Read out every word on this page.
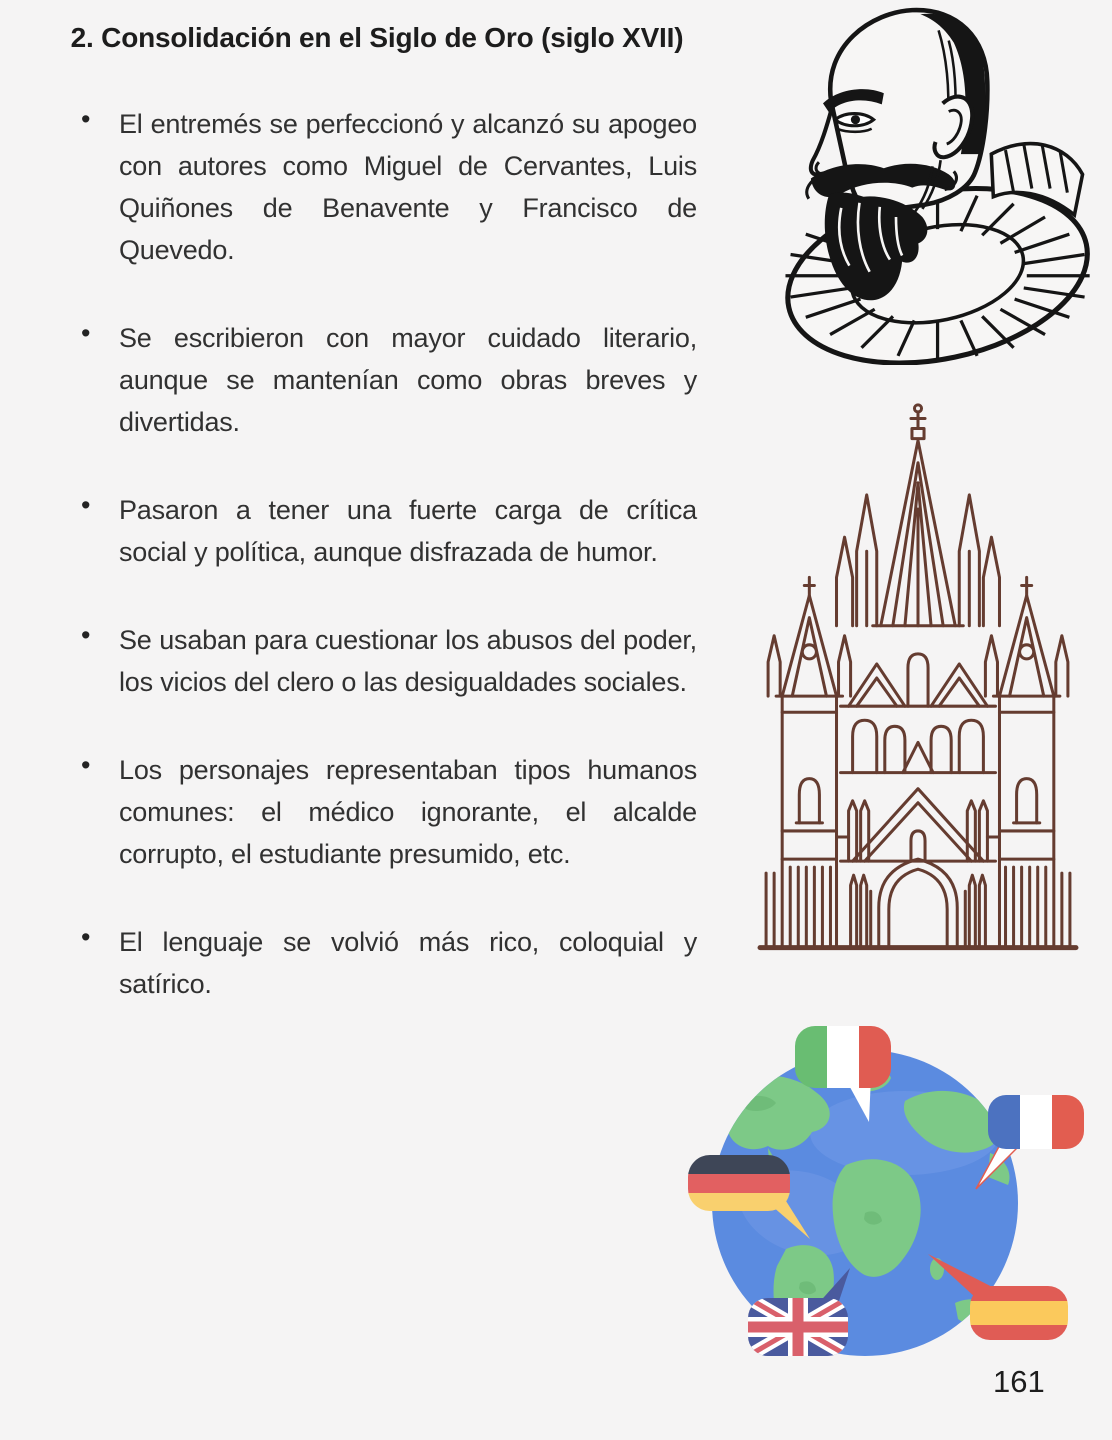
2. Consolidación en el Siglo de Oro (siglo XVII)
• El entremés se perfeccionó y alcanzó su apogeo con autores como Miguel de Cervantes, Luis Quiñones de Benavente y Francisco de Quevedo.

• Se escribieron con mayor cuidado literario, aunque se mantenían como obras breves y divertidas.

• Pasaron a tener una fuerte carga de crítica social y política, aunque disfrazada de humor.

• Se usaban para cuestionar los abusos del poder, los vicios del clero o las desigualdades sociales.

• Los personajes representaban tipos humanos comunes: el médico ignorante, el alcalde corrupto, el estudiante presumido, etc.

• El lenguaje se volvió más rico, coloquial y satírico.

161
